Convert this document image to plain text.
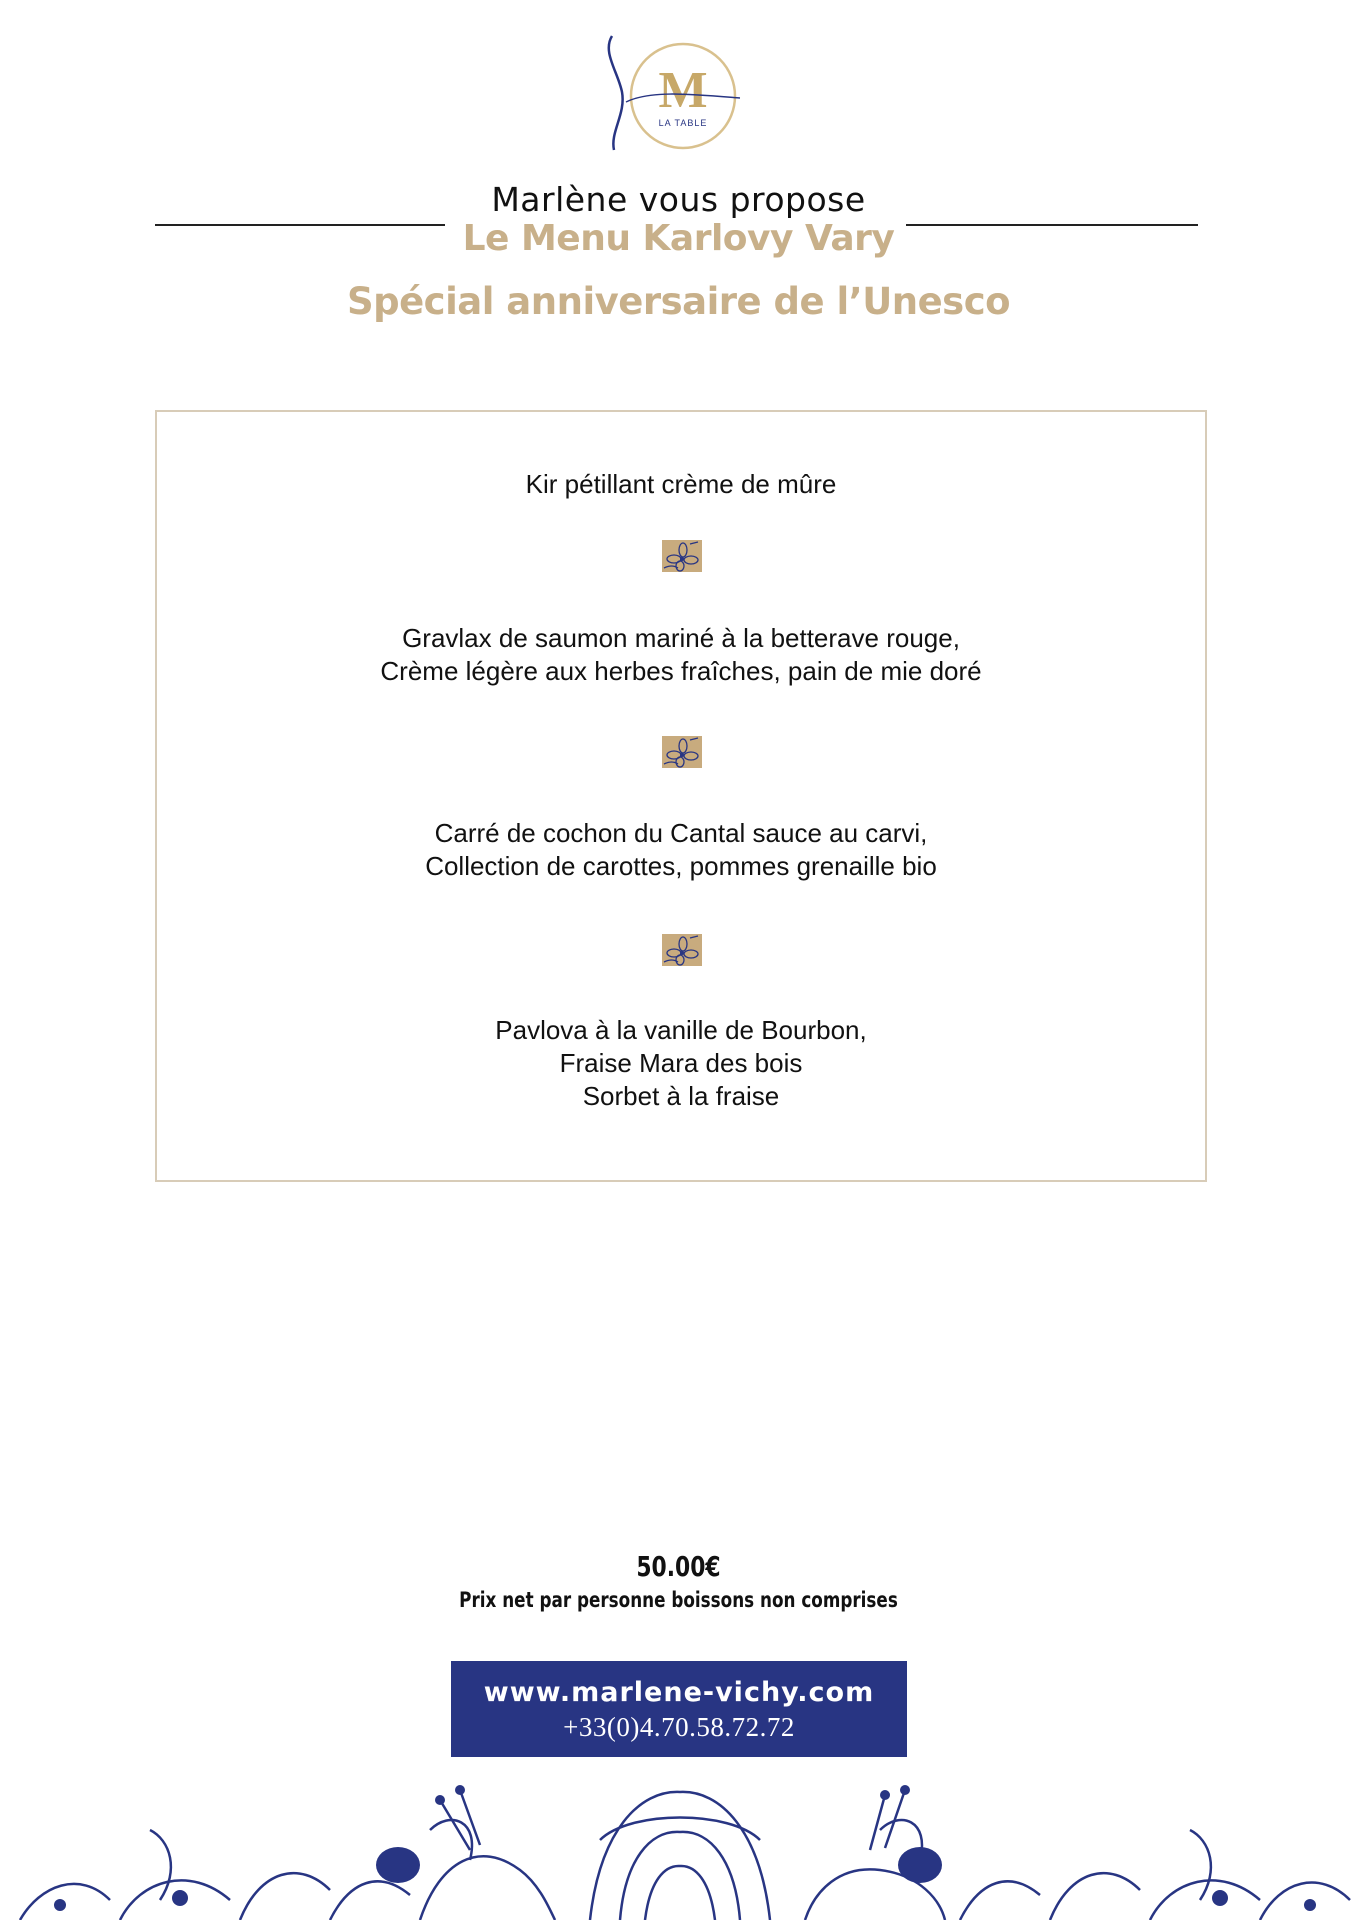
M
LA TABLE
Marlène vous propose
Le Menu Karlovy Vary
Spécial anniversaire de l’Unesco
Kir pétillant crème de mûre
Gravlax de saumon mariné à la betterave rouge,
Crème légère aux herbes fraîches, pain de mie doré
Carré de cochon du Cantal sauce au carvi,
Collection de carottes, pommes grenaille bio
Pavlova à la vanille de Bourbon,
Fraise Mara des bois
Sorbet à la fraise
50.00€
Prix net par personne boissons non comprises
www.marlene-vichy.com
+33(0)4.70.58.72.72
